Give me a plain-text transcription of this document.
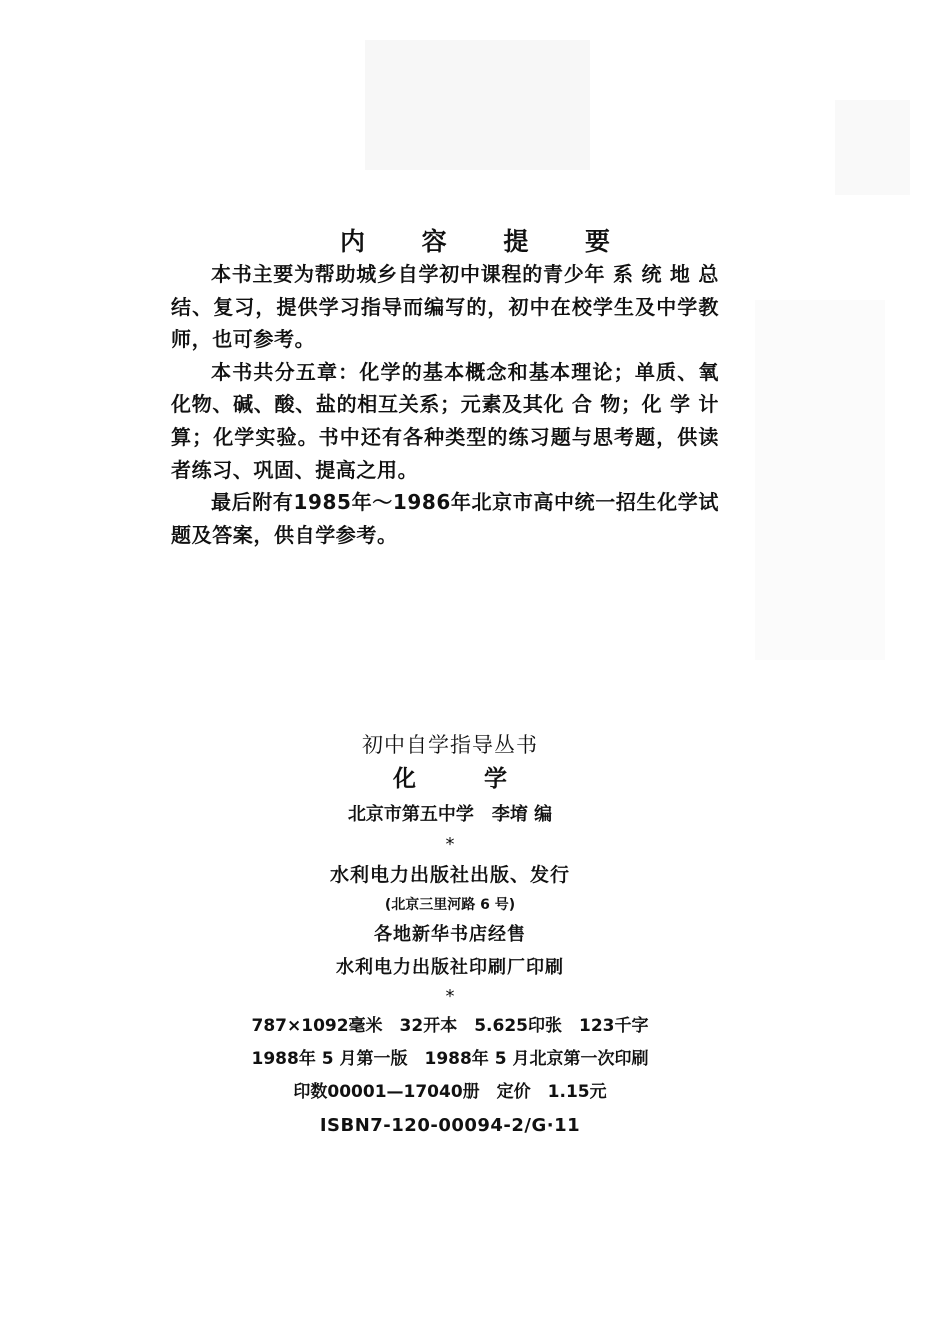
内 容 提 要

本书主要为帮助城乡自学初中课程的青少年 系 统 地 总结、复习，提供学习指导而编写的，初中在校学生及中学教师，也可参考。

本书共分五章：化学的基本概念和基本理论；单质、氧化物、碱、酸、盐的相互关系；元素及其化 合 物；化 学 计算；化学实验。书中还有各种类型的练习题与思考题，供读者练习、巩固、提高之用。

最后附有1985年～1986年北京市高中统一招生化学试题及答案，供自学参考。

初中自学指导丛书
化 学
北京市第五中学　李堉 编
*
水利电力出版社出版、发行
(北京三里河路 6 号)
各地新华书店经售
水利电力出版社印刷厂印刷
*
787×1092毫米　32开本　5.625印张　123千字
1988年 5 月第一版　1988年 5 月北京第一次印刷
印数00001—17040册　定价　1.15元
ISBN7-120-00094-2/G·11
